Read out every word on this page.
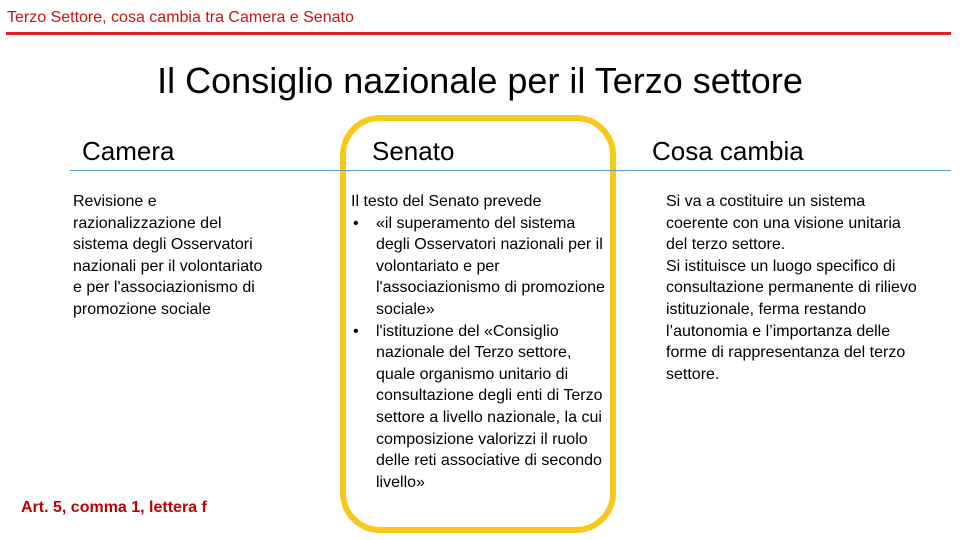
Terzo Settore, cosa cambia tra Camera e Senato
Il Consiglio nazionale per il Terzo settore
Camera	Senato	Cosa cambia
Revisione e razionalizzazione del sistema degli Osservatori nazionali per il volontariato e per l'associazionismo di promozione sociale

Il testo del Senato prevede

• «il superamento del sistema degli Osservatori nazionali per il volontariato e per l'associazionismo di promozione sociale»
• l'istituzione del «Consiglio nazionale del Terzo settore, quale organismo unitario di consultazione degli enti di Terzo settore a livello nazionale, la cui composizione valorizzi il ruolo delle reti associative di secondo livello»

Si va a costituire un sistema coerente con una visione unitaria del terzo settore.

Si istituisce un luogo specifico di consultazione permanente di rilievo istituzionale, ferma restando l’autonomia e l’importanza delle forme di rappresentanza del terzo settore.

Art. 5, comma 1, lettera f
